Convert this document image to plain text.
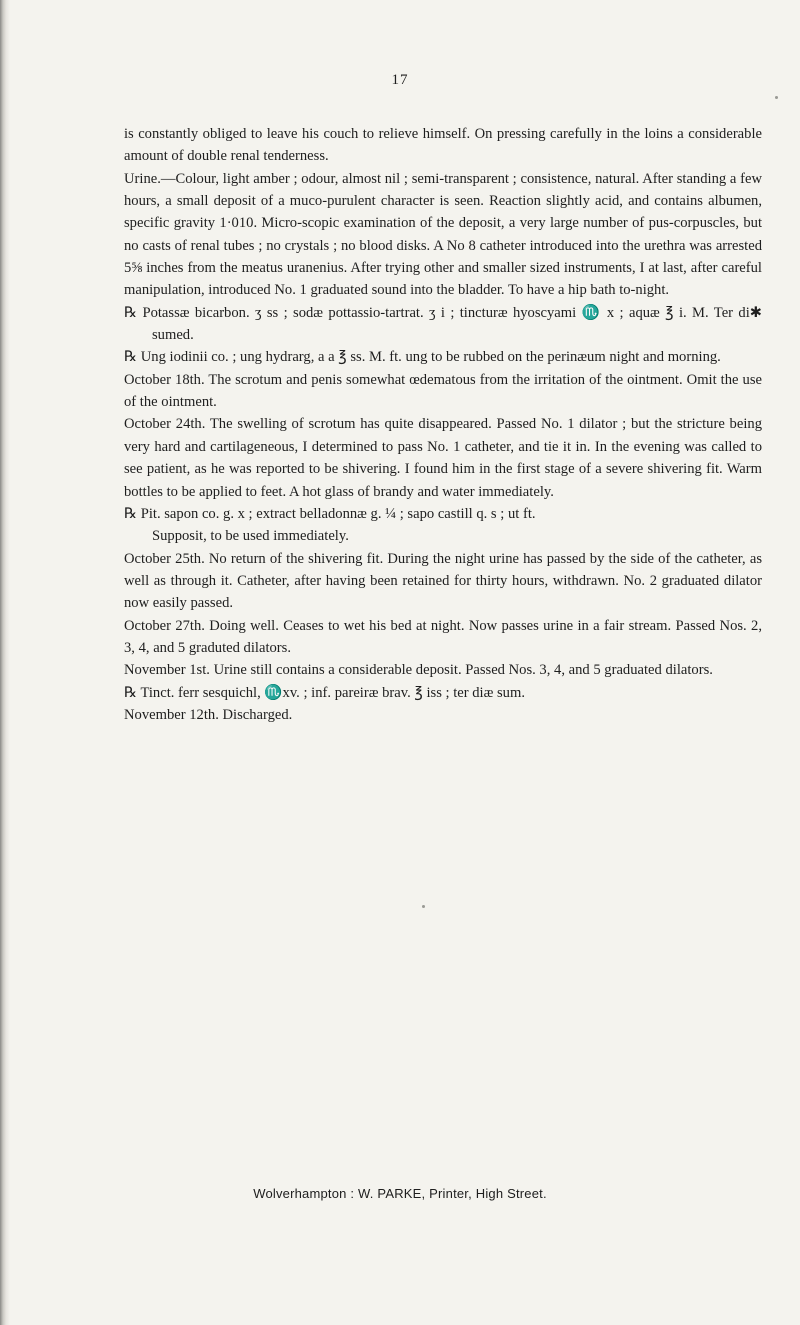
17

is constantly obliged to leave his couch to relieve himself. On pressing carefully in the loins a considerable amount of double renal tenderness.

Urine.—Colour, light amber ; odour, almost nil ; semi-transparent ; consistence, natural. After standing a few hours, a small deposit of a muco-purulent character is seen. Reaction slightly acid, and contains albumen, specific gravity 1·010. Micro-scopic examination of the deposit, a very large number of pus-corpuscles, but no casts of renal tubes ; no crystals ; no blood disks. A No 8 catheter introduced into the urethra was arrested 5⅝ inches from the meatus uranenius. After trying other and smaller sized instruments, I at last, after careful manipulation, introduced No. 1 graduated sound into the bladder. To have a hip bath to-night.

℞ Potassæ bicarbon. ʒ ss ; sodæ pottassio-tartrat. ʒ i ; tincturæ hyoscyami ♏ x ; aquæ ℥ i. M. Ter di✱ sumed.

℞ Ung iodinii co. ; ung hydrarg, a a ℥ ss. M. ft. ung to be rubbed on the perinæum night and morning.

October 18th. The scrotum and penis somewhat œdematous from the irritation of the ointment. Omit the use of the ointment.

October 24th. The swelling of scrotum has quite disappeared. Passed No. 1 dilator ; but the stricture being very hard and cartilageneous, I determined to pass No. 1 catheter, and tie it in. In the evening was called to see patient, as he was reported to be shivering. I found him in the first stage of a severe shivering fit. Warm bottles to be applied to feet. A hot glass of brandy and water immediately.

℞ Pit. sapon co. g. x ; extract belladonnæ g. ¼ ; sapo castill q. s ; ut ft.

Supposit, to be used immediately.

October 25th. No return of the shivering fit. During the night urine has passed by the side of the catheter, as well as through it. Catheter, after having been retained for thirty hours, withdrawn. No. 2 graduated dilator now easily passed.

October 27th. Doing well. Ceases to wet his bed at night. Now passes urine in a fair stream. Passed Nos. 2, 3, 4, and 5 graduted dilators.

November 1st. Urine still contains a considerable deposit. Passed Nos. 3, 4, and 5 graduated dilators.

℞ Tinct. ferr sesquichl, ♏xv. ; inf. pareiræ brav. ℥ iss ; ter diæ sum.

November 12th. Discharged.

Wolverhampton : W. PARKE, Printer, High Street.
